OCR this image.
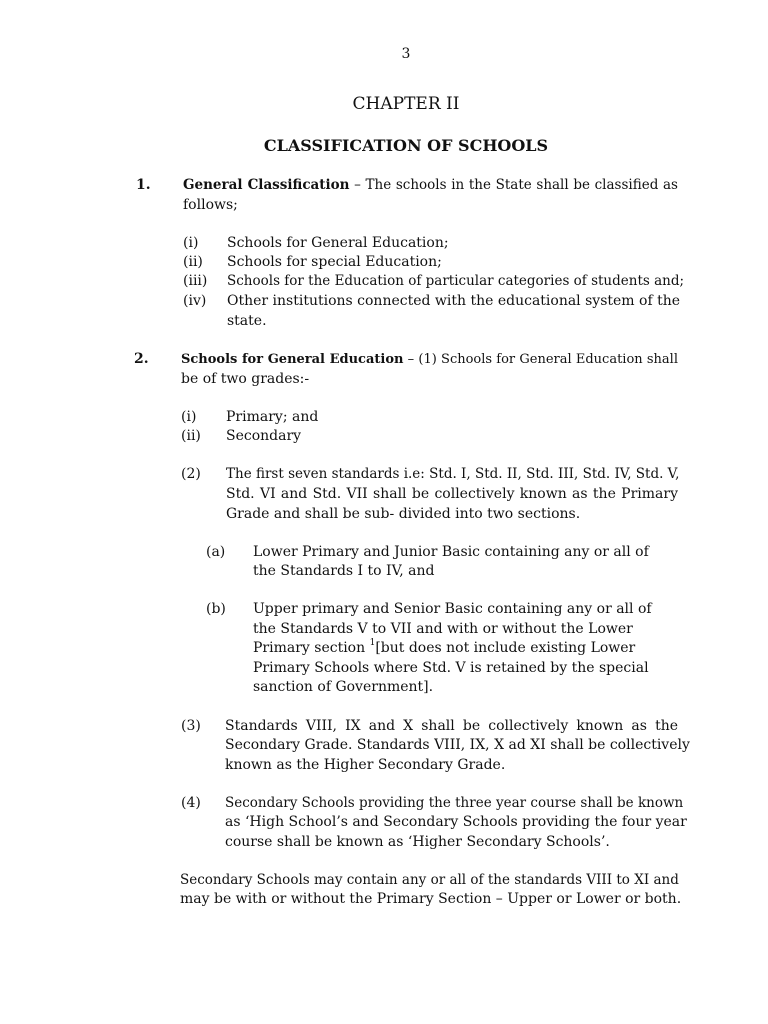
3
CHAPTER II
CLASSIFICATION OF SCHOOLS
1. General Classification – The schools in the State shall be classified as
follows;
(i) Schools for General Education;
(ii) Schools for special Education;
(iii) Schools for the Education of particular categories of students and;
(iv) Other institutions connected with the educational system of the
state.
2. Schools for General Education – (1) Schools for General Education shall
be of two grades:-
(i) Primary; and
(ii) Secondary
(2) The first seven standards i.e: Std. I, Std. II, Std. III, Std. IV, Std. V,
Std. VI and Std. VII shall be collectively known as the Primary
Grade and shall be sub- divided into two sections.
(a) Lower Primary and Junior Basic containing any or all of
the Standards I to IV, and
(b) Upper primary and Senior Basic containing any or all of
the Standards V to VII and with or without the Lower
Primary section $^1$[but does not include existing Lower
Primary Schools where Std. V is retained by the special
sanction of Government].
(3) Standards VIII, IX and X shall be collectively known as the
Secondary Grade. Standards VIII, IX, X ad XI shall be collectively
known as the Higher Secondary Grade.
(4) Secondary Schools providing the three year course shall be known
as ‘High School’s and Secondary Schools providing the four year
course shall be known as ‘Higher Secondary Schools’.
Secondary Schools may contain any or all of the standards VIII to XI and
may be with or without the Primary Section – Upper or Lower or both.
